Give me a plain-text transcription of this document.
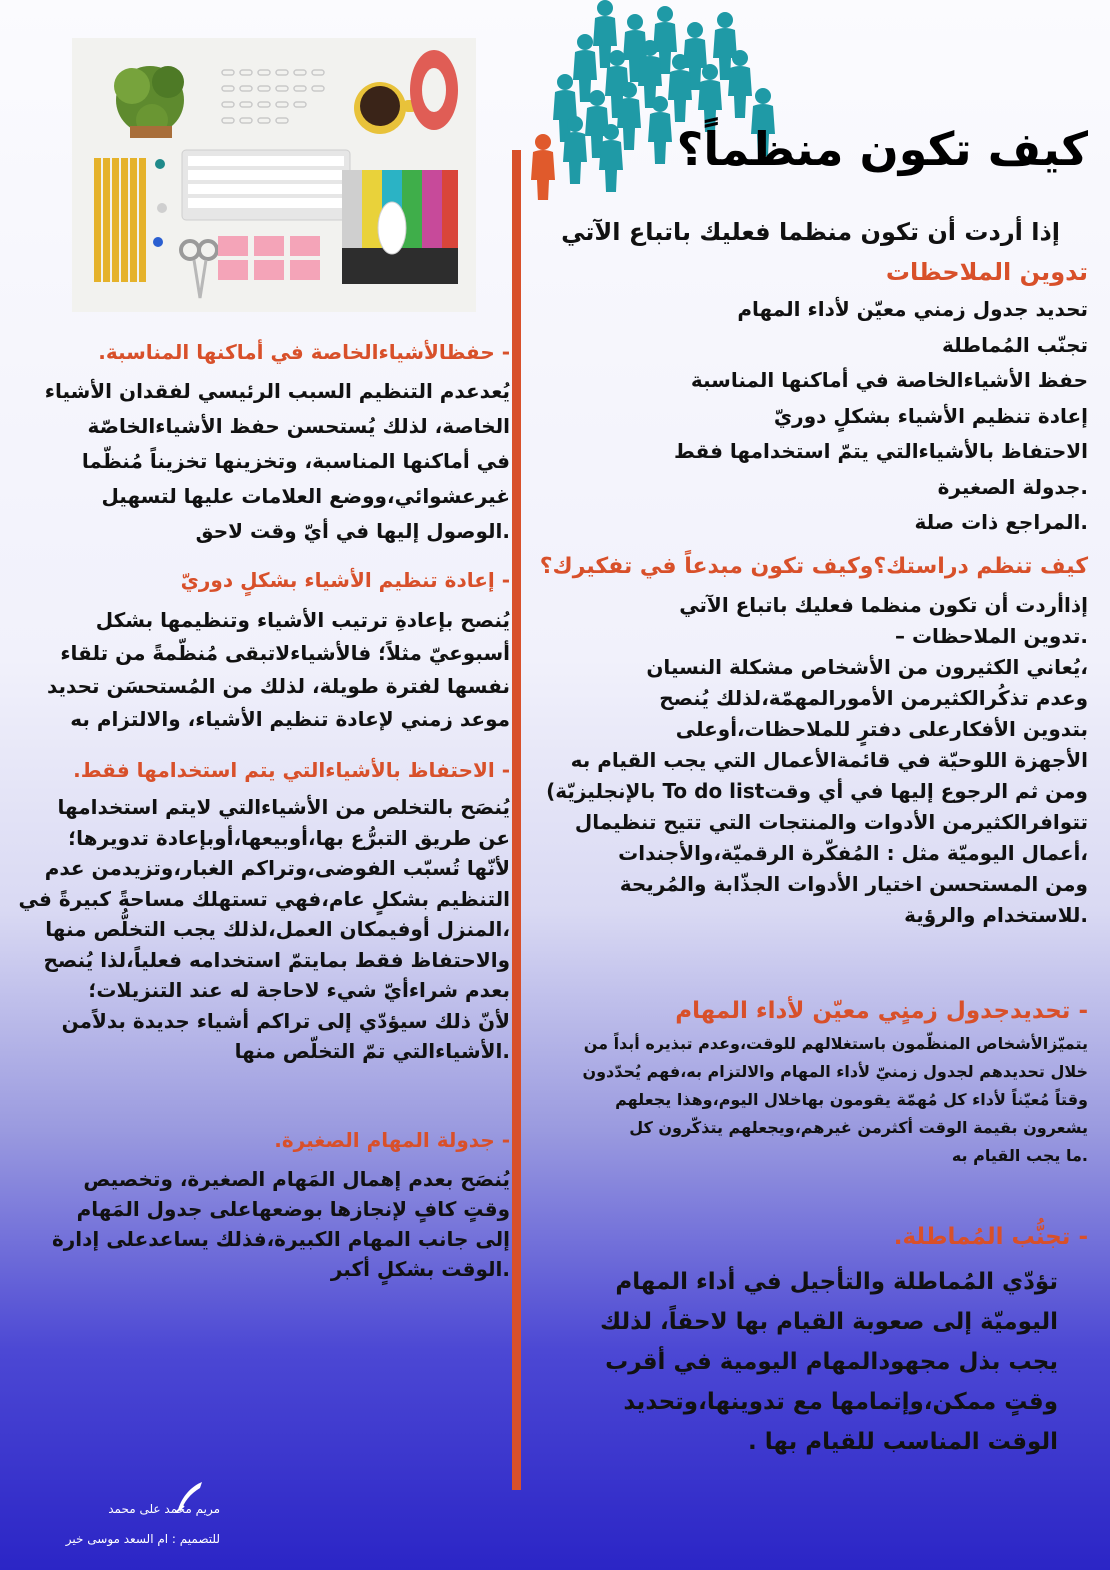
كيف تكون منظماً؟
إذا أردت أن تكون منظما فعليك باتباع الآتي
تدوين الملاحظات
تحديد جدول زمني معيّن لأداء المهام
تجنّب المُماطلة
حفظ الأشياءالخاصة في أماكنها المناسبة
إعادة تنظيم الأشياء بشكلٍ دوريّ
الاحتفاظ بالأشياءالتي يتمّ استخدامها فقط
.جدولة الصغيرة
.المراجع ذات صلة
كيف تنظم دراستك؟وكيف تكون مبدعاً في تفكيرك؟
إذاأردت أن تكون منظما فعليك باتباع الآتي
.تدوين الملاحظات –
،يُعاني الكثيرون من الأشخاص مشكلة النسيان
وعدم تذكُرالكثيرمن الأمورالمهمّة،لذلك يُنصح
بتدوين الأفكارعلى دفترٍ للملاحظات،أوعلى
الأجهزة اللوحيّة في قائمةالأعمال التي يجب القيام به
ومن ثم الرجوع إليها في أي وقتTo do list بالإنجليزيّة)
تتوافرالكثيرمن الأدوات والمنتجات التي تتيح تنظيمال
،أعمال اليوميّة مثل : المُفكّرة الرقميّة،والأجندات
ومن المستحسن اختيار الأدوات الجذّابة والمُريحة
.للاستخدام والرؤية
- تحديدجدول زمنٍي معيّن لأداء المهام
يتميّزالأشخاص المنظّمون باستغلالهم للوقت،وعدم تبذيره أبداً من
خلال تحديدهم لجدول زمنيّ لأداء المهام والالتزام به،فهم يُحدّدون
وقتاً مُعيّناً لأداء كل مُهمّة يقومون بهاخلال اليوم،وهذا يجعلهم
يشعرون بقيمة الوقت أكثرمن غيرهم،ويجعلهم يتذكّرون كل
.ما يجب القيام به
- تجنُّب المُماطلة.
تؤدّي المُماطلة والتأجيل في أداء المهام
اليوميّة إلى صعوبة القيام بها لاحقاً، لذلك
يجب بذل مجهودالمهام اليومية في أقرب
وقتٍ ممكن،وإتمامها مع تدوينها،وتحديد
الوقت المناسب للقيام بها .
- حفظالأشياءالخاصة في أماكنها المناسبة.
يُعدعدم التنظيم السبب الرئيسي لفقدان الأشياء
الخاصة، لذلك يُستحسن حفظ الأشياءالخاصّة
في أماكنها المناسبة، وتخزينها تخزيناً مُنظّما
غيرعشوائي،ووضع العلامات عليها لتسهيل
.الوصول إليها في أيّ وقت لاحق
- إعادة تنظيم الأشياء بشكلٍ دوريّ
يُنصح بإعادةِ ترتيب الأشياء وتنظيمها بشكل
أسبوعيّ مثلاً؛ فالأشياءلاتبقى مُنظّمةً من تلقاء
نفسها لفترة طويلة، لذلك من المُستحسَن تحديد
موعد زمني لإعادة تنظيم الأشياء، والالتزام به
- الاحتفاظ بالأشياءالتي يتم استخدامها فقط.
يُنصَح بالتخلص من الأشياءالتي لايتم استخدامها
عن طريق التبرُّع بها،أوبيعها،أوبإعادة تدويرها؛
لأنّها تُسبّب الفوضى،وتراكم الغبار،وتزيدمن عدم
التنظيم بشكلٍ عام،فهي تستهلك مساحةً كبيرةً في
،المنزل أوفيمكان العمل،لذلك يجب التخلُّص منها
والاحتفاظ فقط بمايتمّ استخدامه فعلياً،لذا يُنصح
بعدم شراءأيّ شيء لاحاجة له عند التنزيلات؛
لأنّ ذلك سيؤدّي إلى تراكم أشياء جديدة بدلاًمن
.الأشياءالتي تمّ التخلّص منها
- جدولة المهام الصغيرة.
يُنصَح بعدم إهمال المَهام الصغيرة، وتخصيص
وقتٍ كافٍ لإنجازها بوضعهاعلى جدول المَهام
إلى جانب المهام الكبيرة،فذلك يساعدعلى إدارة
.الوقت بشكلٍ أكبر
مريم محمد على محمد
للتصميم : ام السعد موسى خير
